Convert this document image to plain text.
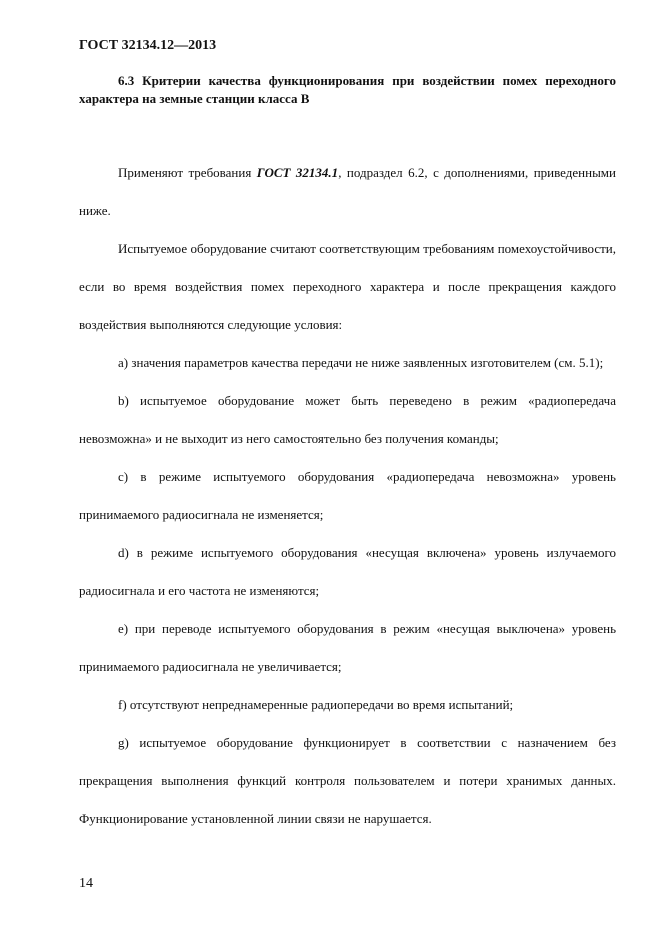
ГОСТ 32134.12—2013
6.3 Критерии качества функционирования при воздействии помех переходного характера на земные станции класса В

Применяют требования ГОСТ 32134.1, подраздел 6.2, с дополнениями, приведенными ниже.

Испытуемое оборудование считают соответствующим требованиям помехоустойчивости, если во время воздействия помех переходного характера и после прекращения каждого воздействия выполняются следующие условия:

а) значения параметров качества передачи не ниже заявленных изготовителем (см. 5.1);

b) испытуемое оборудование может быть переведено в режим «радиопередача невозможна» и не выходит из него самостоятельно без получения команды;

c) в режиме испытуемого оборудования «радиопередача невозможна» уровень принимаемого радиосигнала не изменяется;

d) в режиме испытуемого оборудования «несущая включена» уровень излучаемого радиосигнала и его частота не изменяются;

e) при переводе испытуемого оборудования в режим «несущая выключена» уровень принимаемого радиосигнала не увеличивается;

f) отсутствуют непреднамеренные радиопередачи во время испытаний;

g) испытуемое оборудование функционирует в соответствии с назначением без прекращения выполнения функций контроля пользователем и потери хранимых данных. Функционирование установленной линии связи не нарушается.

14
